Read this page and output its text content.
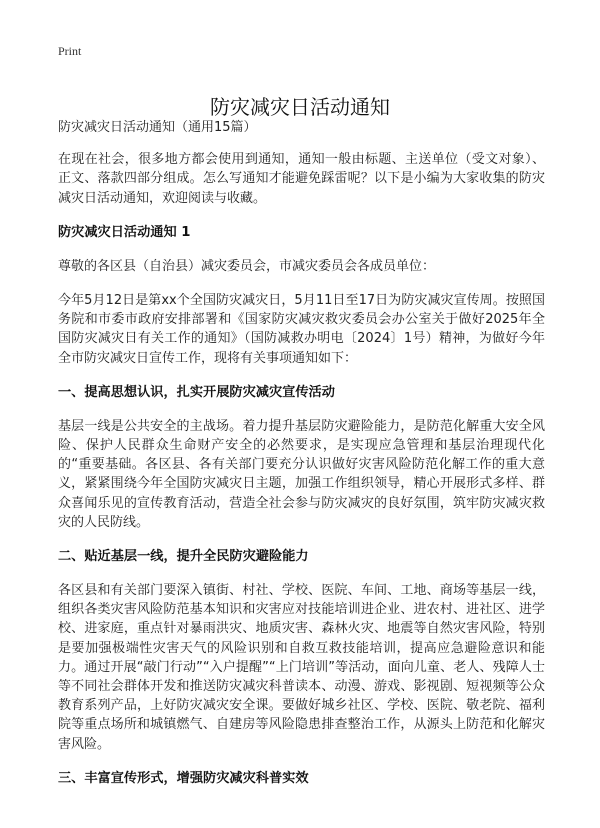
Print
防灾减灾日活动通知

防灾减灾日活动通知（通用15篇）

在现在社会，很多地方都会使用到通知，通知一般由标题、主送单位（受文对象）、正文、落款四部分组成。怎么写通知才能避免踩雷呢？以下是小编为大家收集的防灾减灾日活动通知，欢迎阅读与收藏。

防灾减灾日活动通知 1

尊敬的各区县（自治县）减灾委员会，市减灾委员会各成员单位：

今年5月12日是第xx个全国防灾减灾日，5月11日至17日为防灾减灾宣传周。按照国务院和市委市政府安排部署和《国家防灾减灾救灾委员会办公室关于做好2025年全国防灾减灾日有关工作的通知》（国防减救办明电〔2024〕1号）精神，为做好今年全市防灾减灾日宣传工作，现将有关事项通知如下：

一、提高思想认识，扎实开展防灾减灾宣传活动

基层一线是公共安全的主战场。着力提升基层防灾避险能力，是防范化解重大安全风险、保护人民群众生命财产安全的必然要求，是实现应急管理和基层治理现代化的“重要基础。各区县、各有关部门要充分认识做好灾害风险防范化解工作的重大意义，紧紧围绕今年全国防灾减灾日主题，加强工作组织领导，精心开展形式多样、群众喜闻乐见的宣传教育活动，营造全社会参与防灾减灾的良好氛围，筑牢防灾减灾救灾的人民防线。

二、贴近基层一线，提升全民防灾避险能力

各区县和有关部门要深入镇街、村社、学校、医院、车间、工地、商场等基层一线，组织各类灾害风险防范基本知识和灾害应对技能培训进企业、进农村、进社区、进学校、进家庭，重点针对暴雨洪灾、地质灾害、森林火灾、地震等自然灾害风险，特别是要加强极端性灾害天气的风险识别和自救互救技能培训，提高应急避险意识和能力。通过开展“敲门行动”“入户提醒”“上门培训”等活动，面向儿童、老人、残障人士等不同社会群体开发和推送防灾减灾科普读本、动漫、游戏、影视剧、短视频等公众教育系列产品，上好防灾减灾安全课。要做好城乡社区、学校、医院、敬老院、福利院等重点场所和城镇燃气、自建房等风险隐患排查整治工作，从源头上防范和化解灾害风险。

三、丰富宣传形式，增强防灾减灾科普实效
